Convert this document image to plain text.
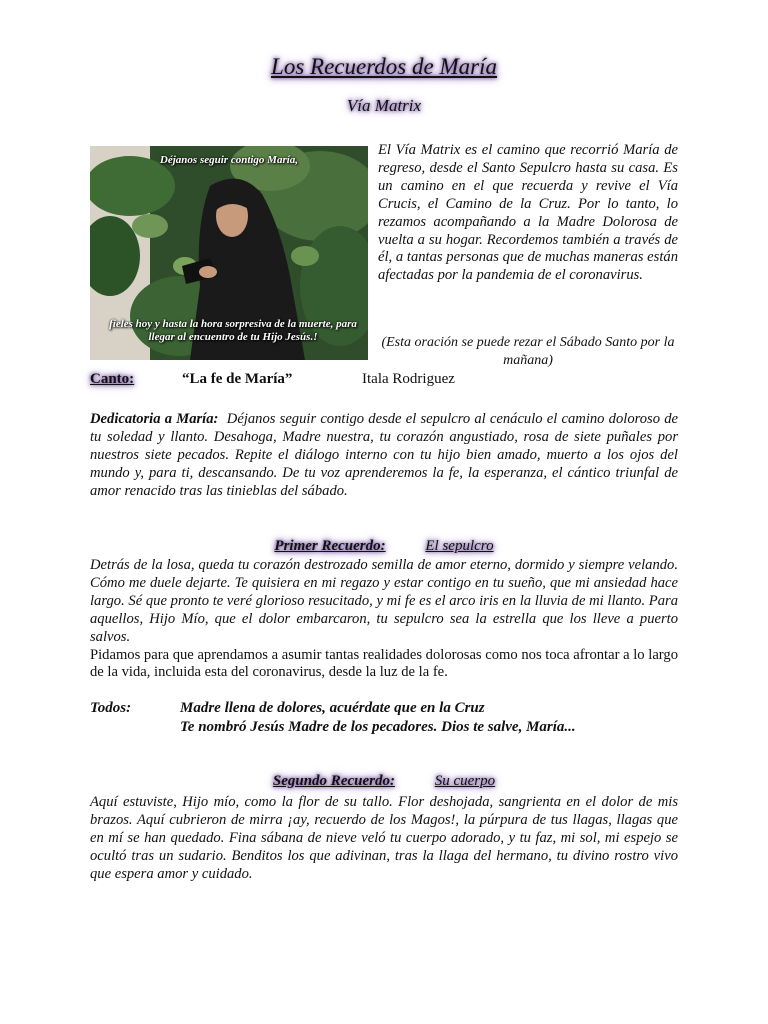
Los Recuerdos de María
Vía Matrix
Déjanos seguir contigo María,
fieles hoy y hasta la hora sorpresiva de la muerte, para llegar al encuentro de tu Hijo Jesús.!
El Vía Matrix es el camino que recorrió María de regreso, desde el Santo Sepulcro hasta su casa. Es un camino en el que recuerda y revive el Vía Crucis, el Camino de la Cruz. Por lo tanto, lo rezamos acompañando a la Madre Dolorosa de vuelta a su hogar. Recordemos también a través de él, a tantas personas que de muchas maneras están afectadas por la pandemia de el coronavirus.
(Esta oración se puede rezar el Sábado Santo por la mañana)
Canto:	“La fe de María”	Itala Rodriguez
Dedicatoria a María: Déjanos seguir contigo desde el sepulcro al cenáculo el camino doloroso de tu soledad y llanto. Desahoga, Madre nuestra, tu corazón angustiado, rosa de siete puñales por nuestros siete pecados. Repite el diálogo interno con tu hijo bien amado, muerto a los ojos del mundo y, para ti, descansando. De tu voz aprenderemos la fe, la esperanza, el cántico triunfal de amor renacido tras las tinieblas del sábado.
Primer Recuerdo:	El sepulcro
Detrás de la losa, queda tu corazón destrozado semilla de amor eterno, dormido y siempre velando. Cómo me duele dejarte. Te quisiera en mi regazo y estar contigo en tu sueño, que mi ansiedad hace largo. Sé que pronto te veré glorioso resucitado, y mi fe es el arco iris en la lluvia de mi llanto. Para aquellos, Hijo Mío, que el dolor embarcaron, tu sepulcro sea la estrella que los lleve a puerto salvos.
Pidamos para que aprendamos a asumir tantas realidades dolorosas como nos toca afrontar a lo largo de la vida, incluida esta del coronavirus, desde la luz de la fe.
Todos:	Madre llena de dolores, acuérdate que en la Cruz
Te nombró Jesús Madre de los pecadores. Dios te salve, María...
Segundo Recuerdo:	Su cuerpo
Aquí estuviste, Hijo mío, como la flor de su tallo. Flor deshojada, sangrienta en el dolor de mis brazos. Aquí cubrieron de mirra ¡ay, recuerdo de los Magos!, la púrpura de tus llagas, llagas que en mí se han quedado. Fina sábana de nieve veló tu cuerpo adorado, y tu faz, mi sol, mi espejo se ocultó tras un sudario. Benditos los que adivinan, tras la llaga del hermano, tu divino rostro vivo que espera amor y cuidado.
